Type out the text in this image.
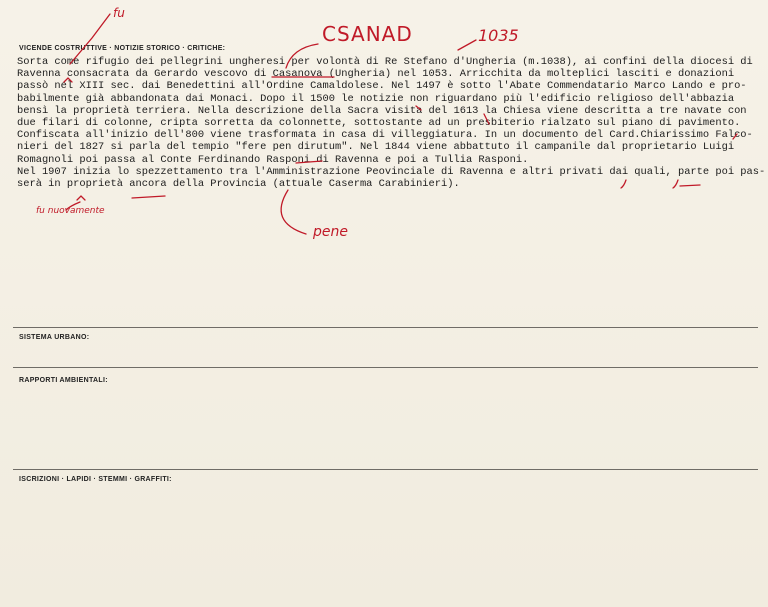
VICENDE COSTRUTTIVE · NOTIZIE STORICO · CRITICHE:
Sorta come rifugio dei pellegrini ungheresi per volontà di Re Stefano d'Ungheria (m.1038), ai confini della diocesi di
Ravenna consacrata da Gerardo vescovo di Casanova (Ungheria) nel 1053. Arricchita da molteplici lasciti e donazioni
passò nel XIII sec. dai Benedettini all'Ordine Camaldolese. Nel 1497 è sotto l'Abate Commendatario Marco Lando e pro-
babilmente già abbandonata dai Monaci. Dopo il 1500 le notizie non riguardano più l'edificio religioso dell'abbazia
bensì la proprietà terriera. Nella descrizione della Sacra visita del 1613 la Chiesa viene descritta a tre navate con
due filari di colonne, cripta sorretta da colonnette, sottostante ad un presbiterio rialzato sul piano di pavimento.
Confiscata all'inizio dell'800 viene trasformata in casa di villeggiatura. In un documento del Card.Chiarissimo Falco-
nieri del 1827 si parla del tempio "fere pen dirutum". Nel 1844 viene abbattuto il campanile dal proprietario Luigi
Romagnoli poi passa al Conte Ferdinando Rasponi di Ravenna e poi a Tullia Rasponi.
Nel 1907 inizia lo spezzettamento tra l'Amministrazione Peovinciale di Ravenna e altri privati dai quali, parte poi pas-
serà in proprietà ancora della Provincia (attuale Caserma Carabinieri).
SISTEMA URBANO:
RAPPORTI AMBIENTALI:
ISCRIZIONI · LAPIDI · STEMMI · GRAFFITI:
fu
CSANAD	1035
fu nuovamente
pene
